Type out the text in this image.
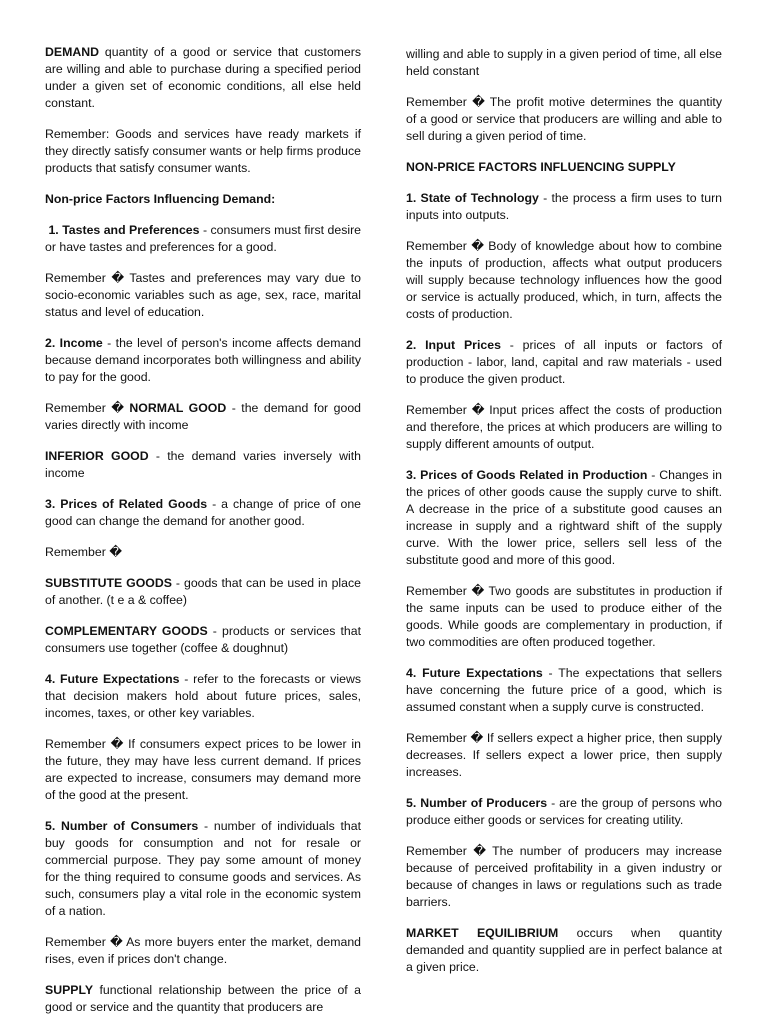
DEMAND quantity of a good or service that customers are willing and able to purchase during a specified period under a given set of economic conditions, all else held constant.

Remember: Goods and services have ready markets if they directly satisfy consumer wants or help firms produce products that satisfy consumer wants.

Non-price Factors Influencing Demand:

1. Tastes and Preferences - consumers must first desire or have tastes and preferences for a good.

Remember � Tastes and preferences may vary due to socio-economic variables such as age, sex, race, marital status and level of education.

2. Income - the level of person's income affects demand because demand incorporates both willingness and ability to pay for the good.

Remember � NORMAL GOOD - the demand for good varies directly with income

INFERIOR GOOD - the demand varies inversely with income

3. Prices of Related Goods - a change of price of one good can change the demand for another good.

Remember �

SUBSTITUTE GOODS - goods that can be used in place of another. (t e a & coffee)

COMPLEMENTARY GOODS - products or services that consumers use together (coffee & doughnut)

4. Future Expectations - refer to the forecasts or views that decision makers hold about future prices, sales, incomes, taxes, or other key variables.

Remember � If consumers expect prices to be lower in the future, they may have less current demand. If prices are expected to increase, consumers may demand more of the good at the present.

5. Number of Consumers - number of individuals that buy goods for consumption and not for resale or commercial purpose. They pay some amount of money for the thing required to consume goods and services. As such, consumers play a vital role in the economic system of a nation.

Remember � As more buyers enter the market, demand rises, even if prices don't change.

SUPPLY functional relationship between the price of a good or service and the quantity that producers are

willing and able to supply in a given period of time, all else held constant

Remember � The profit motive determines the quantity of a good or service that producers are willing and able to sell during a given period of time.

NON-PRICE FACTORS INFLUENCING SUPPLY

1. State of Technology - the process a firm uses to turn inputs into outputs.

Remember � Body of knowledge about how to combine the inputs of production, affects what output producers will supply because technology influences how the good or service is actually produced, which, in turn, affects the costs of production.

2. Input Prices - prices of all inputs or factors of production - labor, land, capital and raw materials - used to produce the given product.

Remember � Input prices affect the costs of production and therefore, the prices at which producers are willing to supply different amounts of output.

3. Prices of Goods Related in Production - Changes in the prices of other goods cause the supply curve to shift. A decrease in the price of a substitute good causes an increase in supply and a rightward shift of the supply curve. With the lower price, sellers sell less of the substitute good and more of this good.

Remember � Two goods are substitutes in production if the same inputs can be used to produce either of the goods. While goods are complementary in production, if two commodities are often produced together.

4. Future Expectations - The expectations that sellers have concerning the future price of a good, which is assumed constant when a supply curve is constructed.

Remember � If sellers expect a higher price, then supply decreases. If sellers expect a lower price, then supply increases.

5. Number of Producers - are the group of persons who produce either goods or services for creating utility.

Remember � The number of producers may increase because of perceived profitability in a given industry or because of changes in laws or regulations such as trade barriers.

MARKET EQUILIBRIUM occurs when quantity demanded and quantity supplied are in perfect balance at a given price.
